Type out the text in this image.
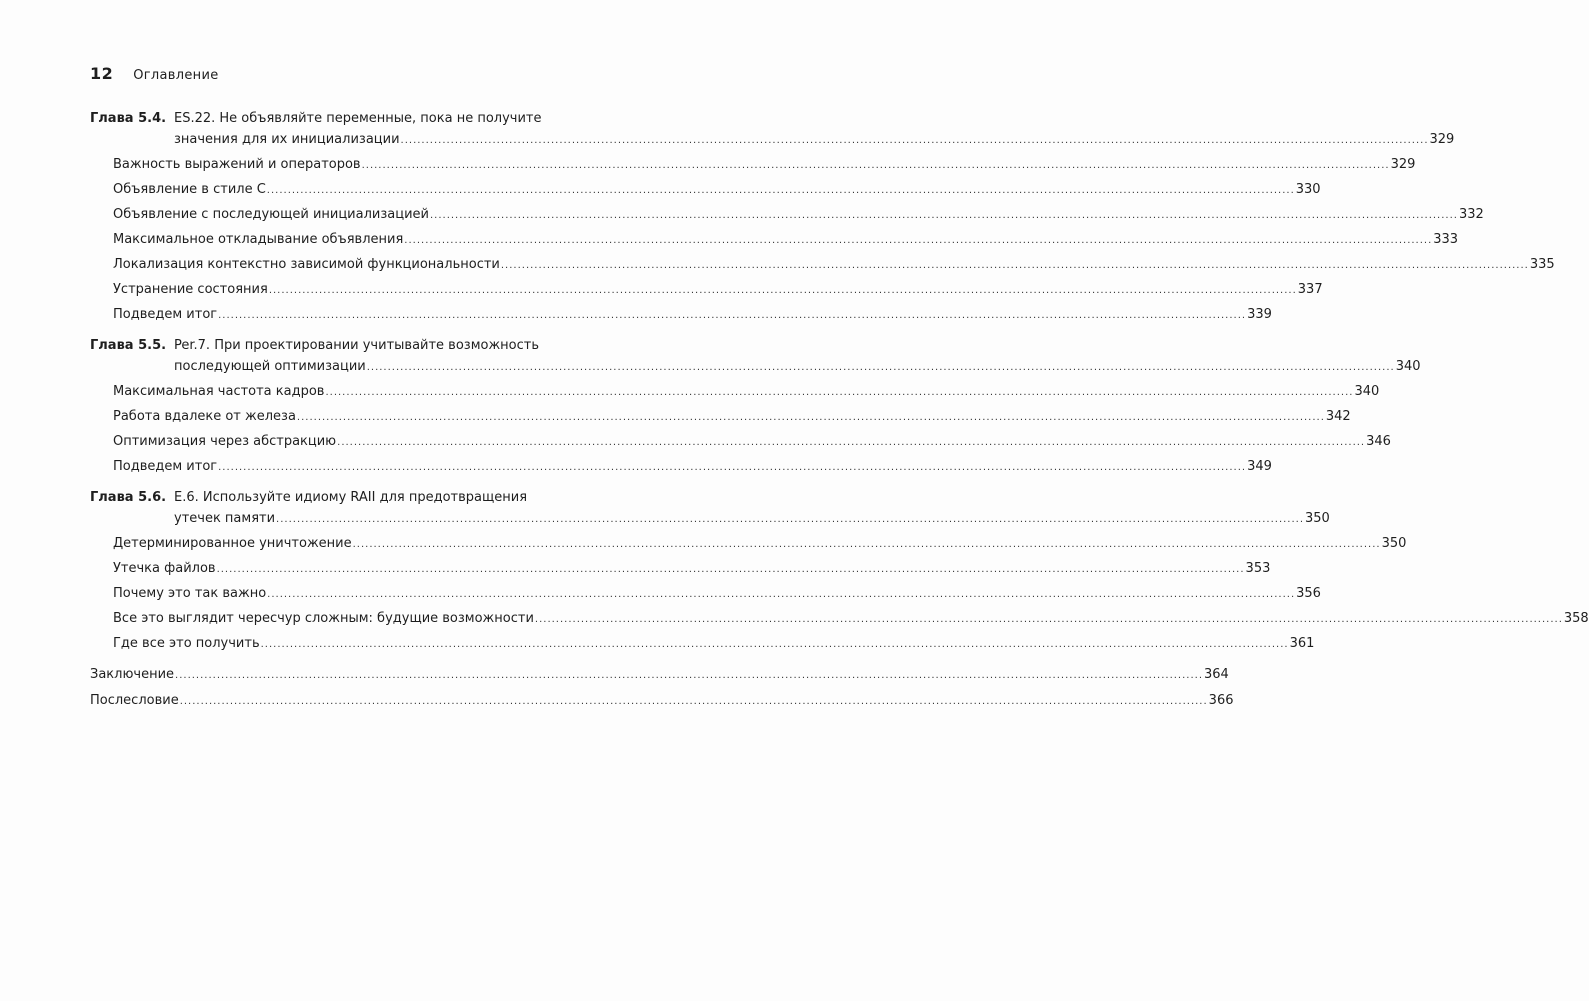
12 Оглавление
Глава 5.4. ES.22. Не объявляйте переменные, пока не получите
значения для их инициализации .....	329
Важность выражений и операторов .....	329
Объявление в стиле C .....	330
Объявление с последующей инициализацией .....	332
Максимальное откладывание объявления .....	333
Локализация контекстно зависимой функциональности .....	335
Устранение состояния .....	337
Подведем итог .....	339
Глава 5.5. Per.7. При проектировании учитывайте возможность
последующей оптимизации .....	340
Максимальная частота кадров .....	340
Работа вдалеке от железа .....	342
Оптимизация через абстракцию .....	346
Подведем итог .....	349
Глава 5.6. E.6. Используйте идиому RAII для предотвращения
утечек памяти .....	350
Детерминированное уничтожение .....	350
Утечка файлов .....	353
Почему это так важно .....	356
Все это выглядит чересчур сложным: будущие возможности .....	358
Где все это получить .....	361
Заключение .....	364
Послесловие .....	366
